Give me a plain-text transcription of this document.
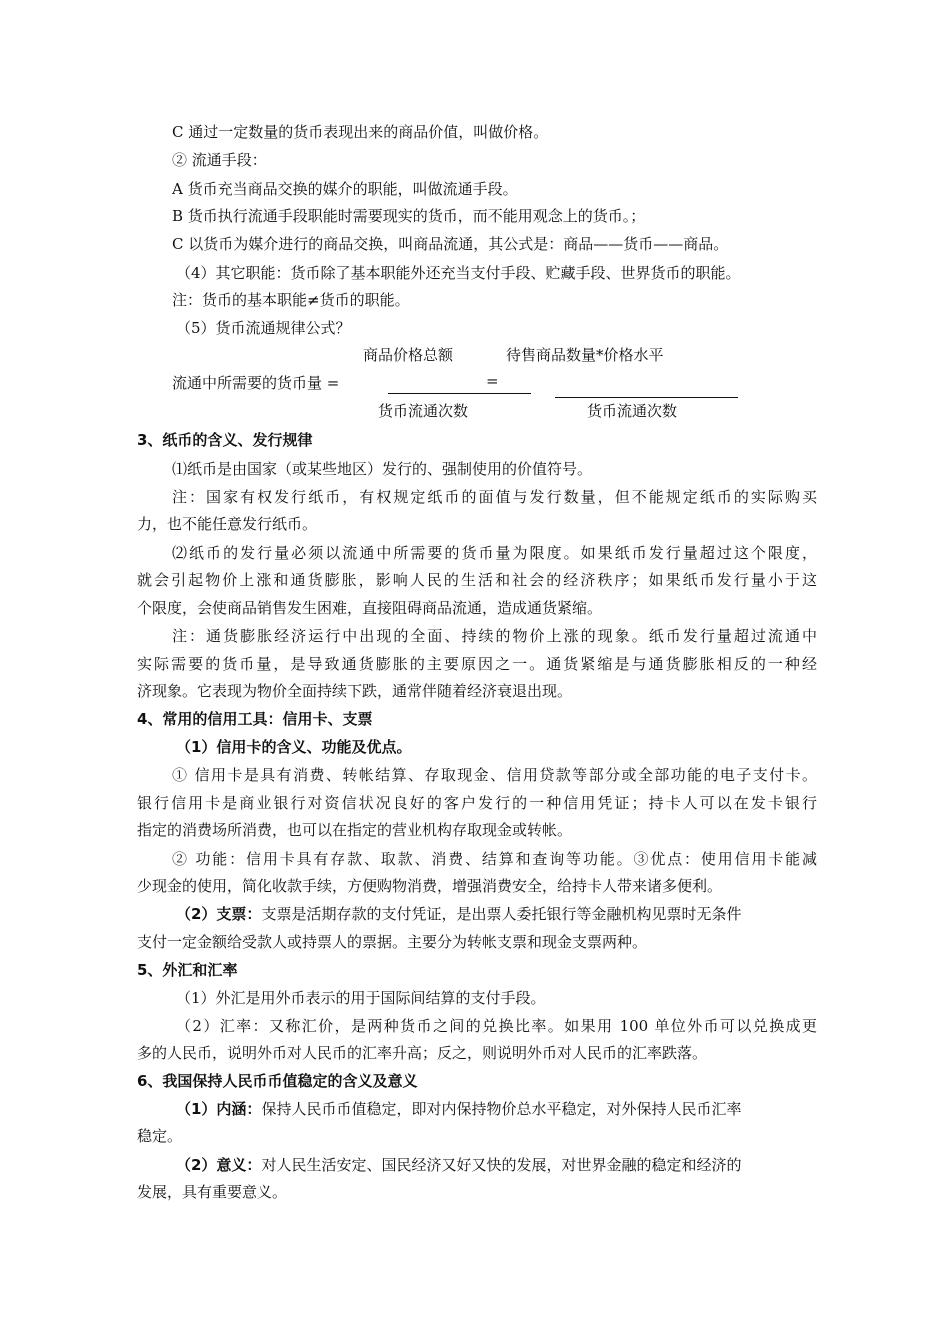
C 通过一定数量的货币表现出来的商品价值，叫做价格。
② 流通手段：
A 货币充当商品交换的媒介的职能，叫做流通手段。
B 货币执行流通手段职能时需要现实的货币，而不能用观念上的货币。；
C 以货币为媒介进行的商品交换，叫商品流通，其公式是：商品——货币——商品。
（4）其它职能：货币除了基本职能外还充当支付手段、贮藏手段、世界货币的职能。
注：货币的基本职能≠货币的职能。
（5）货币流通规律公式？
商品价格总额	待售商品数量*价格水平
流通中所需要的货币量 =	=
货币流通次数	货币流通次数
3、纸币的含义、发行规律
⑴纸币是由国家（或某些地区）发行的、强制使用的价值符号。
注：国家有权发行纸币，有权规定纸币的面值与发行数量，但不能规定纸币的实际购买
力，也不能任意发行纸币。
⑵纸币的发行量必须以流通中所需要的货币量为限度。如果纸币发行量超过这个限度，
就会引起物价上涨和通货膨胀，影响人民的生活和社会的经济秩序；如果纸币发行量小于这
个限度，会使商品销售发生困难，直接阻碍商品流通，造成通货紧缩。
注：通货膨胀经济运行中出现的全面、持续的物价上涨的现象。纸币发行量超过流通中
实际需要的货币量，是导致通货膨胀的主要原因之一。通货紧缩是与通货膨胀相反的一种经
济现象。它表现为物价全面持续下跌，通常伴随着经济衰退出现。
4、常用的信用工具：信用卡、支票
（1）信用卡的含义、功能及优点。
① 信用卡是具有消费、转帐结算、存取现金、信用贷款等部分或全部功能的电子支付卡。
银行信用卡是商业银行对资信状况良好的客户发行的一种信用凭证；持卡人可以在发卡银行
指定的消费场所消费，也可以在指定的营业机构存取现金或转帐。
② 功能：信用卡具有存款、取款、消费、结算和查询等功能。③优点：使用信用卡能减
少现金的使用，简化收款手续，方便购物消费，增强消费安全，给持卡人带来诸多便利。
（2）支票：支票是活期存款的支付凭证，是出票人委托银行等金融机构见票时无条件
支付一定金额给受款人或持票人的票据。主要分为转帐支票和现金支票两种。
5、外汇和汇率
（1）外汇是用外币表示的用于国际间结算的支付手段。
（2）汇率：又称汇价，是两种货币之间的兑换比率。如果用 100 单位外币可以兑换成更
多的人民币，说明外币对人民币的汇率升高；反之，则说明外币对人民币的汇率跌落。
6、我国保持人民币币值稳定的含义及意义
（1）内涵：保持人民币币值稳定，即对内保持物价总水平稳定，对外保持人民币汇率
稳定。
（2）意义：对人民生活安定、国民经济又好又快的发展，对世界金融的稳定和经济的
发展，具有重要意义。
